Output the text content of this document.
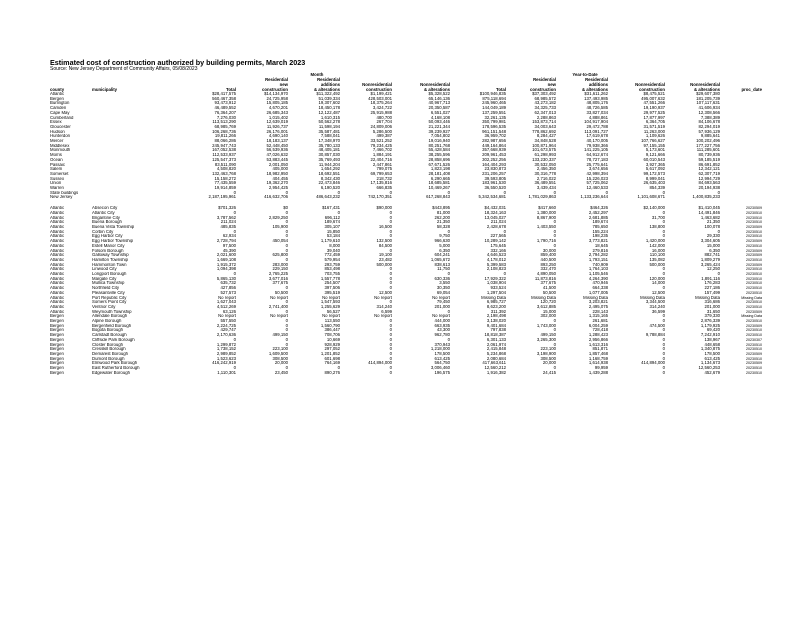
Estimated cost of construction authorized by building permits, March 2023
Source: New Jersey Department of Community Affairs, 05/08/2023
		Month					Year-to-Date					
			Residential	Residential				Residential	Residential			
			new	additions	Nonresidential	Nonresidential		new	additions	Nonresidential	Nonresidential	
county	municipality	Total	construction	& alterations	construction	& alterations	Total	construction	& alterations	construction	& alterations	proc_date
Atlantic		$28,417,575	$14,134,970	$11,322,492	$1,199,421	$5,328,522	$100,946,835	$37,303,492	$31,611,262	$8,475,521	$29,607,380	
Bergen		560,467,358	24,725,958	51,039,334	428,503,001	65,146,136	875,118,694	68,985,572	137,493,985	495,007,632	181,205,739	
Burlington		93,473,912	15,805,185	19,307,602	18,375,264	40,967,713	245,960,465	43,273,182	48,805,176	47,551,266	107,117,631	
Camden		46,489,552	4,670,201	18,450,178	3,424,722	20,350,587	144,049,189	34,325,733	48,726,585	19,190,937	41,606,934	
Cape May		76,364,207	26,685,343	12,122,487	25,915,988	6,551,027	137,259,551	62,347,013	33,827,034	29,977,525	12,308,566	
Cumberland		7,276,030	1,015,402	1,610,315	480,700	4,168,108	32,261,135	2,288,863	4,888,861	17,877,997	7,388,389	
Essex		113,513,290	12,639,019	50,562,278	267,704	50,093,446	350,799,981	153,873,714	104,917,904	6,364,705	84,106,678	
Gloucester		68,985,769	11,926,737	11,598,194	24,809,006	21,221,344	178,596,535	34,003,643	29,472,788	31,571,519	82,294,019	
Hudson		106,268,736	26,176,001	35,587,481	5,286,500	39,239,927	961,151,548	778,862,692	113,091,727	11,263,000	57,936,129	
Hunterdon		19,811,266	4,690,140	7,588,041	499,387	7,054,802	36,959,702	8,284,427	17,619,678	1,109,626	9,885,641	
Mercer		88,066,286	18,183,137	17,348,970	33,521,252	19,016,940	282,987,656	34,848,528	40,170,005	107,766,627	100,202,496	
Middlesex		245,947,743	52,448,450	35,780,133	79,234,425	80,251,768	449,164,864	100,871,964	79,938,366	97,155,155	177,227,756	
Monmouth		167,052,538	56,539,936	48,405,181	7,466,702	55,428,584	357,668,939	101,673,575	141,225,105	5,173,601	111,285,601	
Morris		112,533,937	47,026,632	30,857,030	1,884,191	38,255,596	209,961,453	61,298,993	64,912,674	9,121,666	80,739,936	
Ocean		125,547,373	53,883,445	35,769,493	22,404,716	28,858,696	302,252,256	133,230,337	78,727,183	60,010,543	59,185,519	
Passaic		83,511,090	2,001,050	11,944,204	2,447,861	67,671,526	164,404,293	30,532,050	25,775,641	3,927,365	86,691,852	
Salem		4,508,820	405,000	1,654,292	799,075	1,823,198	23,830,873	2,456,350	3,674,656	5,617,092	12,342,121	
Somerset		132,463,768	18,982,950	18,692,551	69,799,653	28,181,408	231,206,257	30,316,778	42,998,394	99,172,573	62,307,719	
Sussex		15,158,272	404,455	8,342,430	218,732	6,290,665	39,593,805	2,716,022	15,226,023	8,999,041	12,994,729	
Union		77,435,559	19,362,270	22,473,846	17,135,816	18,685,581	183,961,530	36,489,551	57,725,062	26,635,403	84,693,563	
Warren		19,914,859	2,954,425	6,190,520	666,835	10,469,267	36,550,520	3,439,434	12,460,533	854,339	20,194,938	
State buildings		0	0	0	0	0	0	0	0	0	0	
New Jersey		2,187,195,961	416,632,706	486,643,232	742,170,351	617,268,843	5,342,534,681	1,781,029,863	1,133,236,644	1,101,608,671	1,400,835,233	

Atlantic	Absecon City	$701,326	$0	$167,431	$90,000	$443,895	$4,432,031	$417,660	$464,326	$2,140,000	$1,410,045	20230509
Atlantic	Atlantic City	0	0	0	0	81,000	18,324,163	1,380,000	2,452,297	0	14,491,846	20230510
Atlantic	Brigantine City	3,787,562	2,829,250	696,112	0	262,200	13,045,027	8,867,900	2,681,885	31,700	1,463,682	20230510
Atlantic	Buena Borough	211,024	0	189,674	0	21,350	211,024	0	189,674	0	21,350	20230510
Atlantic	Buena Vista Township	485,835	105,900	305,107	16,500	58,328	2,428,678	1,403,550	785,650	138,800	100,078	20230509
Atlantic	Corbin City	0	0	15,850	0	0	0	0	155,224	0	0	20230510
Atlantic	Egg Harbor City	62,934	0	53,184	0	9,750	227,565	0	198,235	0	29,330	20230510
Atlantic	Egg Harbor Township	2,728,794	450,054	1,179,610	132,500	966,630	10,289,142	1,790,716	3,773,821	1,420,000	3,304,605	20230509
Atlantic	Estell Manor City	97,500	0	8,000	84,500	5,000	175,645	0	18,645	142,000	15,000	20230510
Atlantic	Folsom Borough	45,390	0	39,040	0	6,350	332,166	30,000	279,816	16,000	6,350	20230509
Atlantic	Galloway Township	2,021,600	625,800	772,459	19,100	604,241	4,646,523	859,400	2,794,282	110,100	882,741	20230509
Atlantic	Hamilton Township	1,669,108	0	579,954	23,482	1,065,672	4,178,012	440,500	1,793,151	135,082	1,809,279	20230510
Atlantic	Hammonton Town	1,915,372	283,000	293,759	500,000	838,613	5,399,583	893,250	740,909	500,000	3,265,424	20230509
Atlantic	Linwood City	1,094,398	229,150	853,498	0	11,750	2,108,823	332,470	1,764,103	0	12,250	20230510
Atlantic	Longport Borough	0	2,765,225	703,755	0	0	0	4,890,050	1,105,546	0	0	20230510
Atlantic	Margate City	5,865,130	3,677,016	1,557,778	0	630,336	17,929,322	11,873,816	4,264,390	120,000	1,891,116	20230510
Atlantic	Mullica Township	635,732	377,675	254,507	0	3,550	1,038,904	377,675	470,946	14,000	176,283	20230510
Atlantic	Northfield City	427,856	0	397,506	0	30,350	933,524	41,500	664,338	0	227,186	20230510
Atlantic	Pleasantville City	527,573	50,500	395,519	12,500	69,054	1,297,504	50,500	1,077,005	12,500	157,499	20230510
Atlantic	Port Republic City	No report	No report	No report	No report	No report	Missing Data	Missing Data	Missing Data	Missing Data	Missing Data	Missing Data
Atlantic	Somers Point City	1,627,043	0	1,547,593	0	79,450	6,985,727	120,720	3,203,821	3,344,500	316,686	20230510
Atlantic	Ventnor City	4,512,269	2,741,400	1,255,629	314,240	201,000	8,623,200	3,612,885	2,495,075	314,240	201,000	20230510
Atlantic	Weymouth Township	63,126	0	56,527	6,599	0	311,392	15,000	228,143	36,599	31,650	20230509
Bergen	Allendale Borough	No report	No report	No report	No report	No report	2,198,498	302,000	1,315,165	0	379,330	Missing Data
Bergen	Alpine Borough	557,550	0	113,550	0	444,000	3,138,020	0	261,681	0	2,876,339	20230510
Bergen	Bergenfield Borough	2,224,725	0	1,560,790	0	663,935	9,401,684	1,743,000	6,004,259	474,500	1,179,925	20230509
Bergen	Bogota Borough	429,747	0	386,447	0	43,300	797,838	0	728,418	0	69,420	20230510
Bergen	Carlstadt Borough	2,170,636	499,150	708,706	0	962,780	18,818,387	499,150	1,288,423	9,788,884	7,242,910	20230510
Bergen	Cliffside Park Borough	0	0	10,669	0	0	6,301,133	3,265,300	2,956,866	0	138,967	20230307
Bergen	Closter Borough	1,299,872	0	928,929	0	370,943	2,061,974	0	1,613,316	0	448,658	20230510
Bergen	Cresskill Borough	1,738,152	223,100	297,052	0	1,218,000	2,415,848	223,100	851,871	0	1,340,875	20230510
Bergen	Demarest Borough	2,989,852	1,609,500	1,201,852	0	178,500	5,234,868	3,198,900	1,857,468	0	178,500	20230509
Bergen	Dumont Borough	1,523,623	308,500	601,698	0	613,425	2,080,684	308,500	1,168,759	0	613,425	20230510
Bergen	Elmwood Park Borough	416,242,919	20,000	764,169	414,894,000	564,750	417,663,611	20,000	1,614,938	414,894,000	1,134,673	20230509
Bergen	East Rutherford Borough	0	0	0	0	3,006,460	12,560,212	0	99,959	0	12,560,253	20230510
Bergen	Edgewater Borough	1,110,301	23,450	890,276	0	196,575	1,916,382	24,415	1,439,288	0	452,679	20230510
